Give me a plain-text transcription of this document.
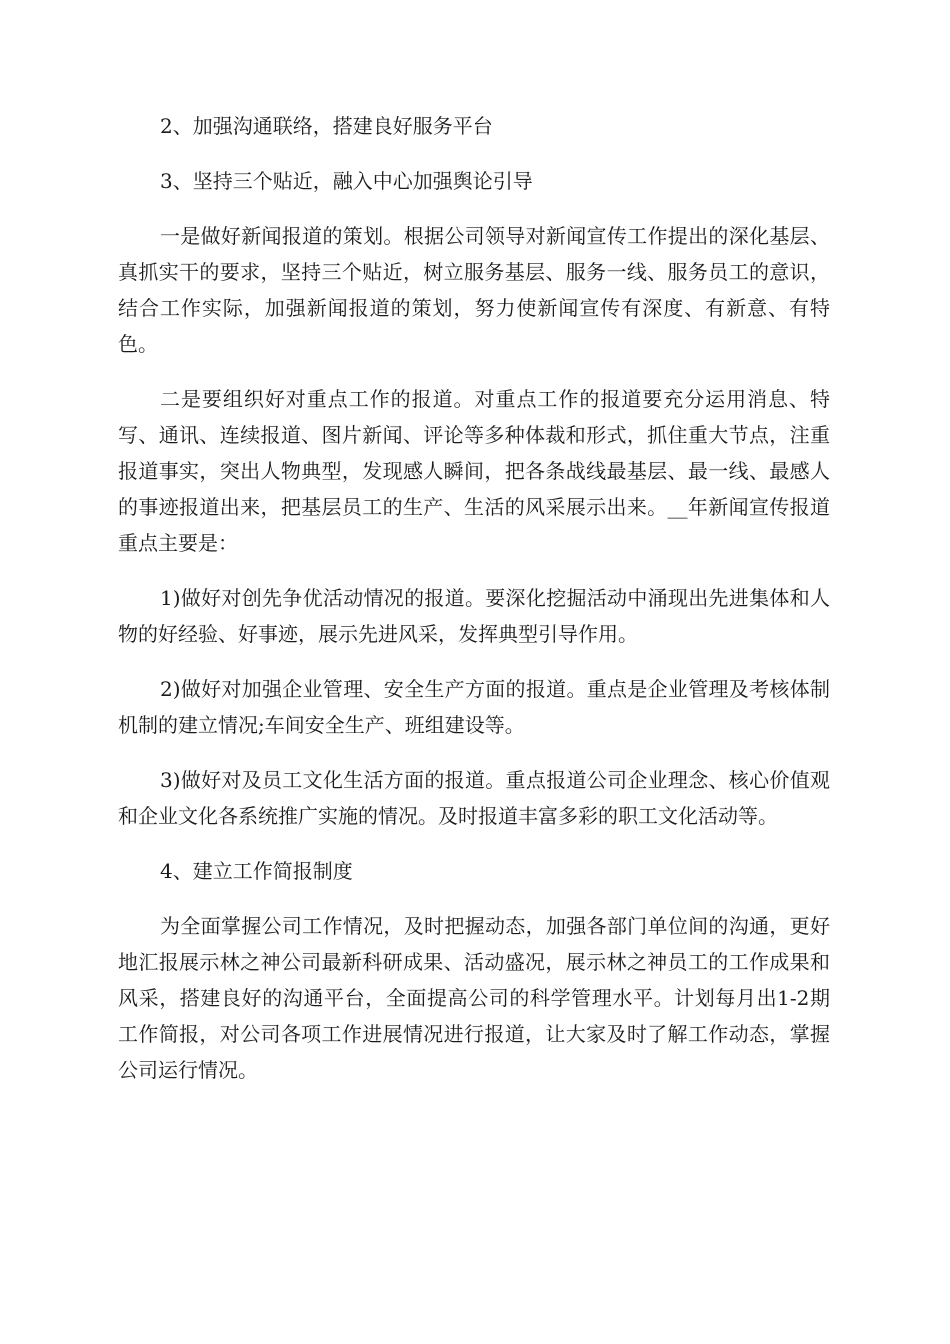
2、加强沟通联络，搭建良好服务平台

3、坚持三个贴近，融入中心加强舆论引导

一是做好新闻报道的策划。根据公司领导对新闻宣传工作提出的深化基层、真抓实干的要求，坚持三个贴近，树立服务基层、服务一线、服务员工的意识，结合工作实际，加强新闻报道的策划，努力使新闻宣传有深度、有新意、有特色。

二是要组织好对重点工作的报道。对重点工作的报道要充分运用消息、特写、通讯、连续报道、图片新闻、评论等多种体裁和形式，抓住重大节点，注重报道事实，突出人物典型，发现感人瞬间，把各条战线最基层、最一线、最感人的事迹报道出来，把基层员工的生产、生活的风采展示出来。__年新闻宣传报道重点主要是：

1)做好对创先争优活动情况的报道。要深化挖掘活动中涌现出先进集体和人物的好经验、好事迹，展示先进风采，发挥典型引导作用。

2)做好对加强企业管理、安全生产方面的报道。重点是企业管理及考核体制机制的建立情况;车间安全生产、班组建设等。

3)做好对及员工文化生活方面的报道。重点报道公司企业理念、核心价值观和企业文化各系统推广实施的情况。及时报道丰富多彩的职工文化活动等。

4、建立工作简报制度

为全面掌握公司工作情况，及时把握动态，加强各部门单位间的沟通，更好地汇报展示林之神公司最新科研成果、活动盛况，展示林之神员工的工作成果和风采，搭建良好的沟通平台，全面提高公司的科学管理水平。计划每月出1-2期工作简报，对公司各项工作进展情况进行报道，让大家及时了解工作动态，掌握公司运行情况。
